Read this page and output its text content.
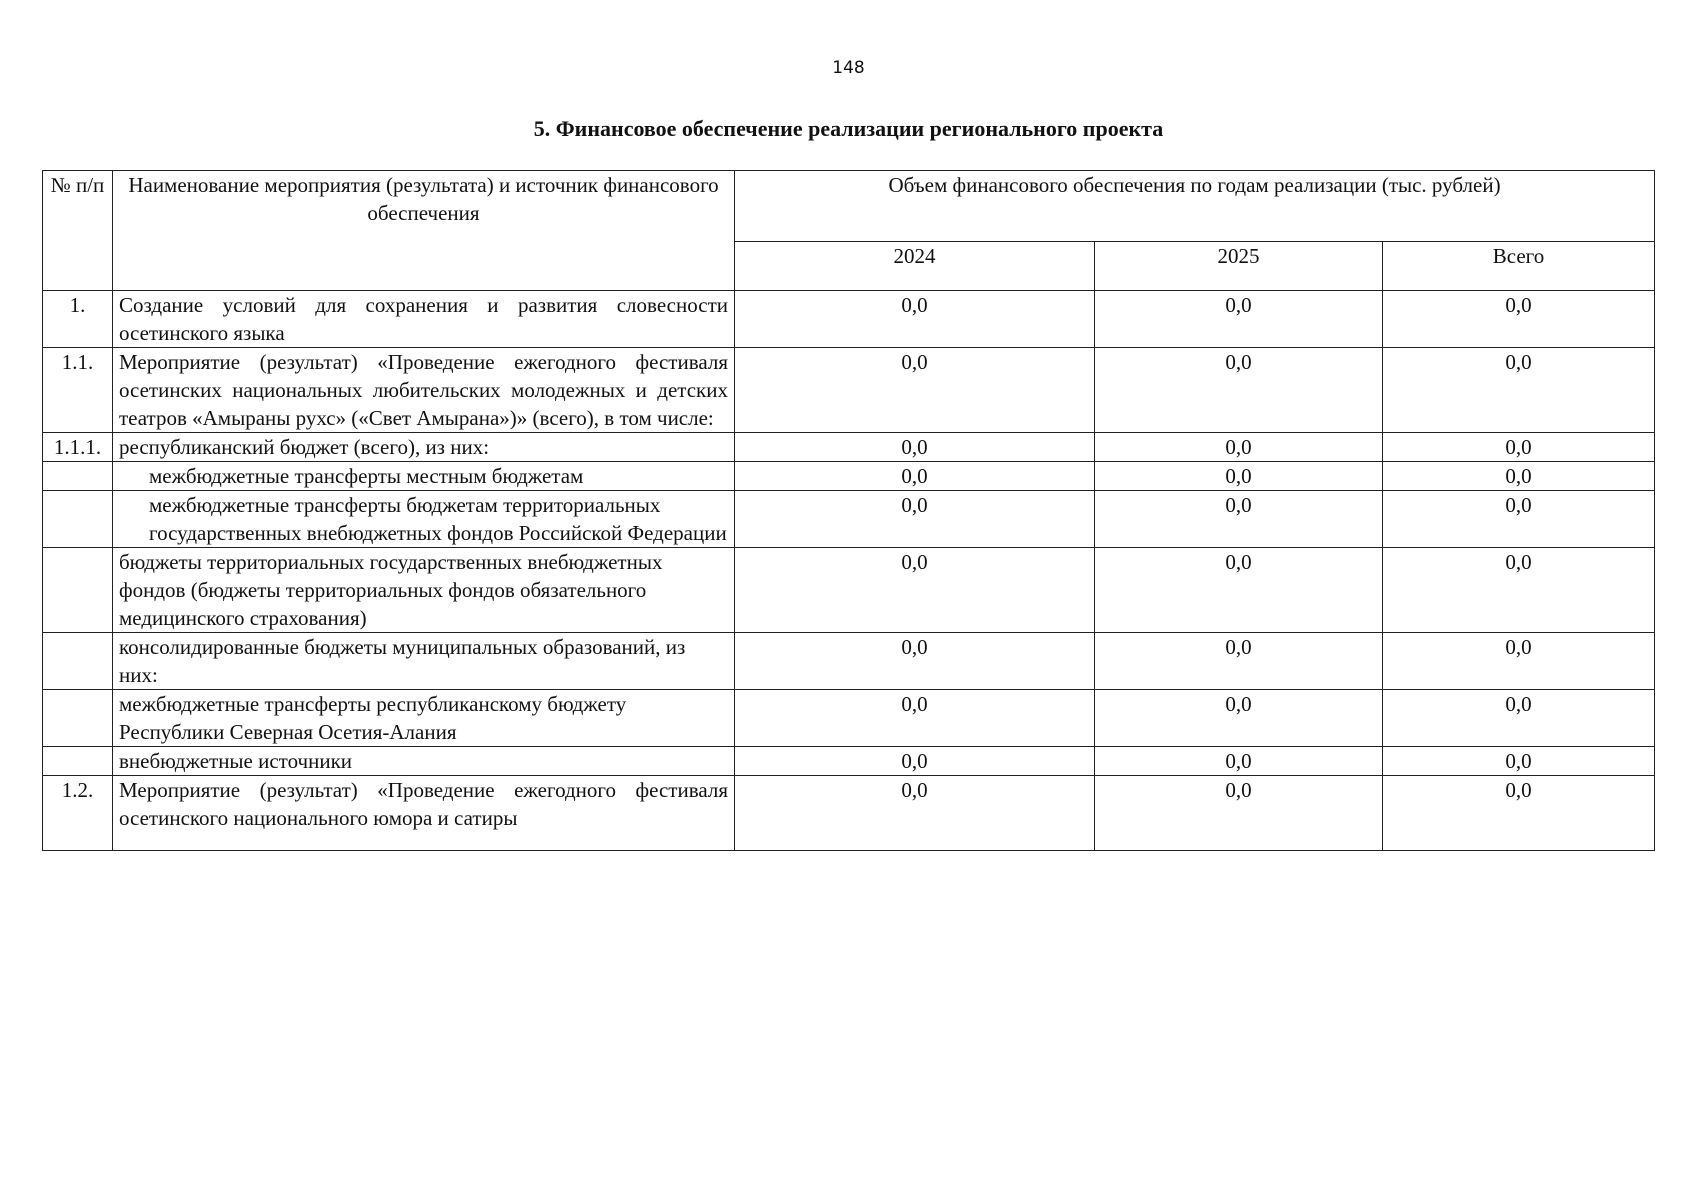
148
5. Финансовое обеспечение реализации регионального проекта
№ п/п	Наименование мероприятия (результата) и источник финансового обеспечения	Объем финансового обеспечения по годам реализации (тыс. рублей)		
		2024	2025	Всего
1.	Создание условий для сохранения и развития словесности осетинского языка	0,0	0,0	0,0
1.1.	Мероприятие (результат) «Проведение ежегодного фестиваля осетинских национальных любительских молодежных и детских театров «Амыраны рухс» («Свет Амырана»)» (всего), в том числе:	0,0	0,0	0,0
1.1.1.	республиканский бюджет (всего), из них:	0,0	0,0	0,0
	межбюджетные трансферты местным бюджетам	0,0	0,0	0,0
	межбюджетные трансферты бюджетам территориальных государственных внебюджетных фондов Российской Федерации	0,0	0,0	0,0
	бюджеты территориальных государственных внебюджетных фондов (бюджеты территориальных фондов обязательного медицинского страхования)	0,0	0,0	0,0
	консолидированные бюджеты муниципальных образований, из них:	0,0	0,0	0,0
	межбюджетные трансферты республиканскому бюджету Республики Северная Осетия-Алания	0,0	0,0	0,0
	внебюджетные источники	0,0	0,0	0,0
1.2.	Мероприятие (результат) «Проведение ежегодного фестиваля осетинского национального юмора и сатиры	0,0	0,0	0,0
